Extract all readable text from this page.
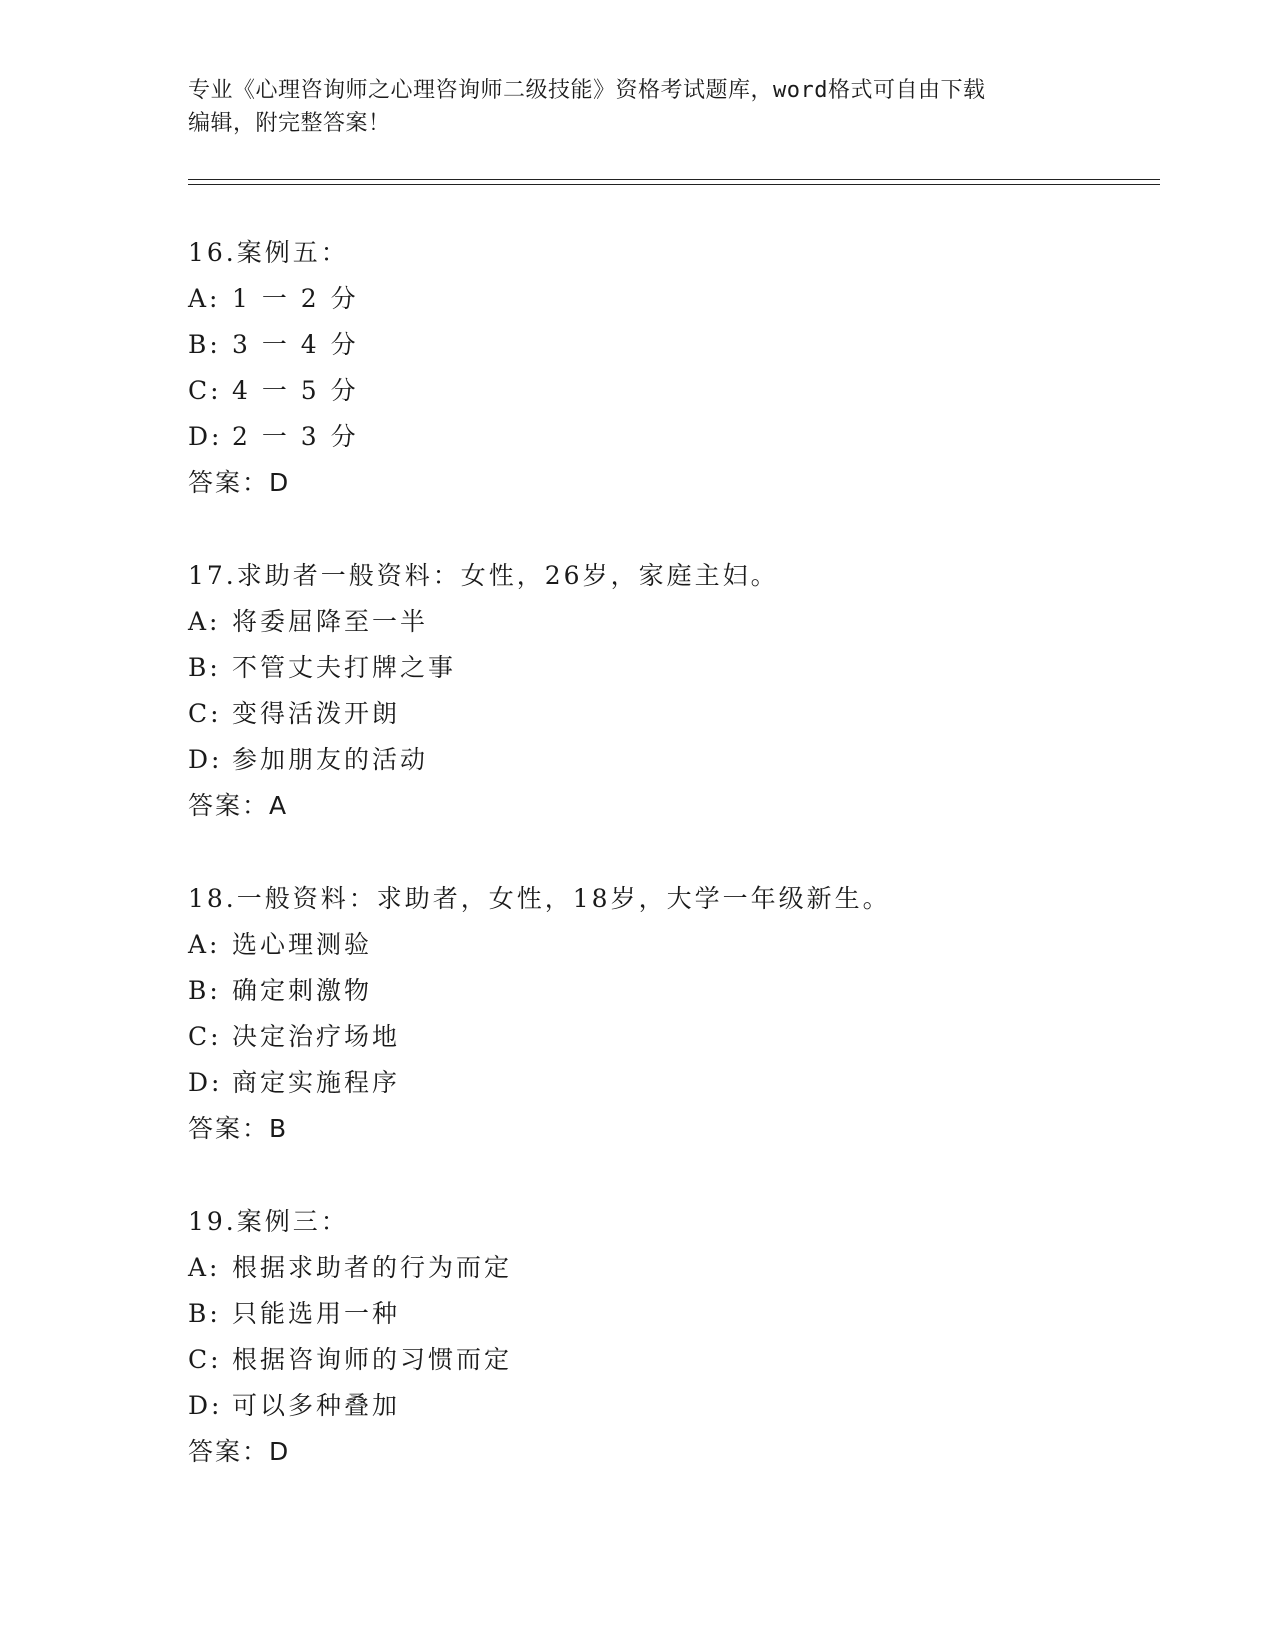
专业《心理咨询师之心理咨询师二级技能》资格考试题库，word格式可自由下载

编辑，附完整答案！

16.案例五：
A: 1 一 2 分
B: 3 一 4 分
C: 4 一 5 分
D: 2 一 3 分
答案：D
17.求助者一般资料：女性，26岁，家庭主妇。
A: 将委屈降至一半
B: 不管丈夫打牌之事
C: 变得活泼开朗
D: 参加朋友的活动
答案：A
18.一般资料：求助者，女性，18岁，大学一年级新生。
A: 选心理测验
B: 确定刺激物
C: 决定治疗场地
D: 商定实施程序
答案：B
19.案例三：
A: 根据求助者的行为而定
B: 只能选用一种
C: 根据咨询师的习惯而定
D: 可以多种叠加
答案：D
